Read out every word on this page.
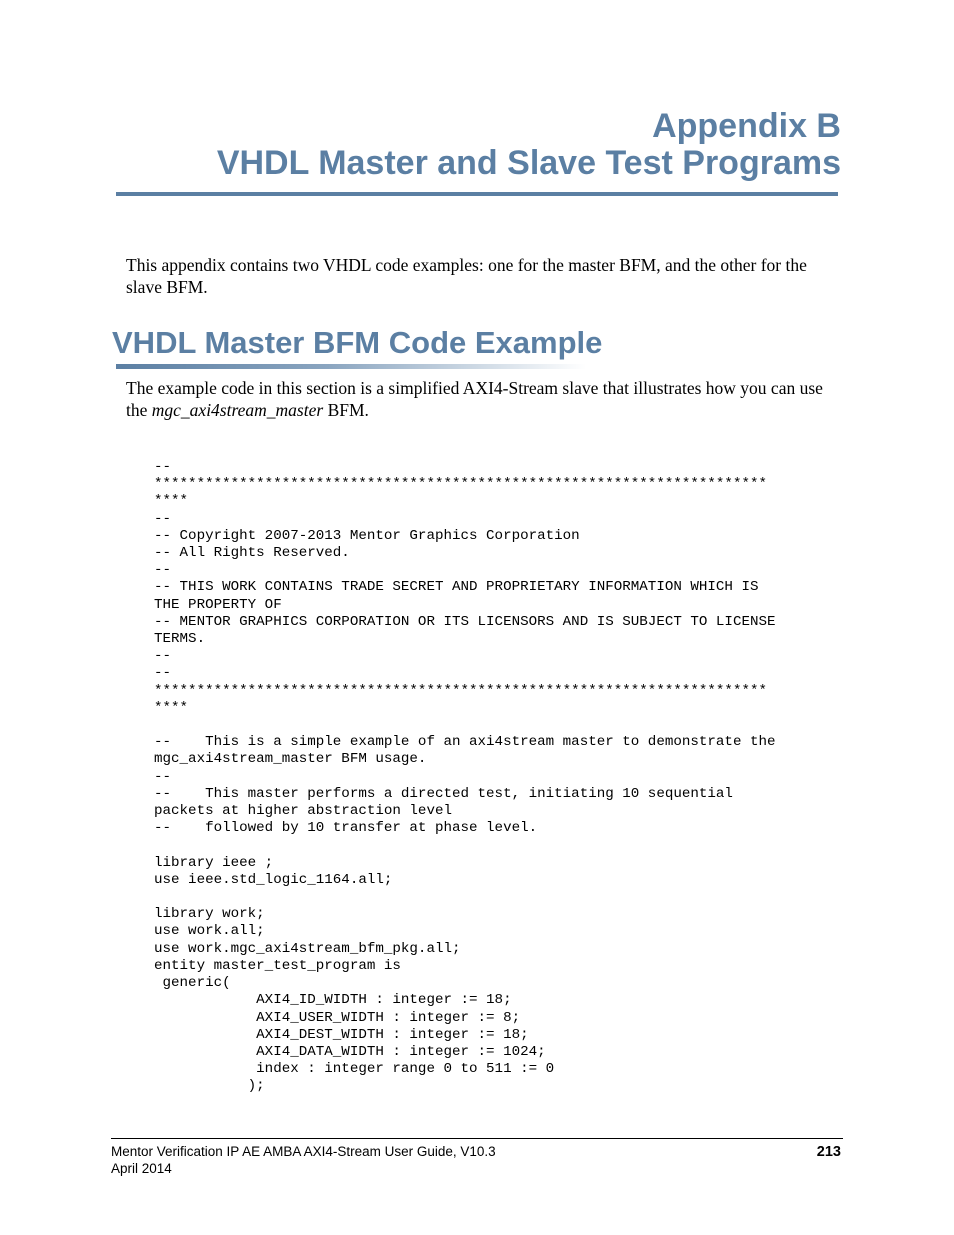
Appendix B
VHDL Master and Slave Test Programs

This appendix contains two VHDL code examples: one for the master BFM, and the other for the slave BFM.

VHDL Master BFM Code Example

The example code in this section is a simplified AXI4-Stream slave that illustrates how you can use the mgc_axi4stream_master BFM.

--
************************************************************************
****
--
-- Copyright 2007-2013 Mentor Graphics Corporation
-- All Rights Reserved.
--
-- THIS WORK CONTAINS TRADE SECRET AND PROPRIETARY INFORMATION WHICH IS
THE PROPERTY OF
-- MENTOR GRAPHICS CORPORATION OR ITS LICENSORS AND IS SUBJECT TO LICENSE
TERMS.
--
--
************************************************************************
****

--    This is a simple example of an axi4stream master to demonstrate the
mgc_axi4stream_master BFM usage.
--
--    This master performs a directed test, initiating 10 sequential
packets at higher abstraction level
--    followed by 10 transfer at phase level.

library ieee ;
use ieee.std_logic_1164.all;

library work;
use work.all;
use work.mgc_axi4stream_bfm_pkg.all;
entity master_test_program is
generic(
AXI4_ID_WIDTH : integer := 18;
AXI4_USER_WIDTH : integer := 8;
AXI4_DEST_WIDTH : integer := 18;
AXI4_DATA_WIDTH : integer := 1024;
index : integer range 0 to 511 := 0
);
Mentor Verification IP AE AMBA AXI4-Stream User Guide, V10.3
April 2014
213
